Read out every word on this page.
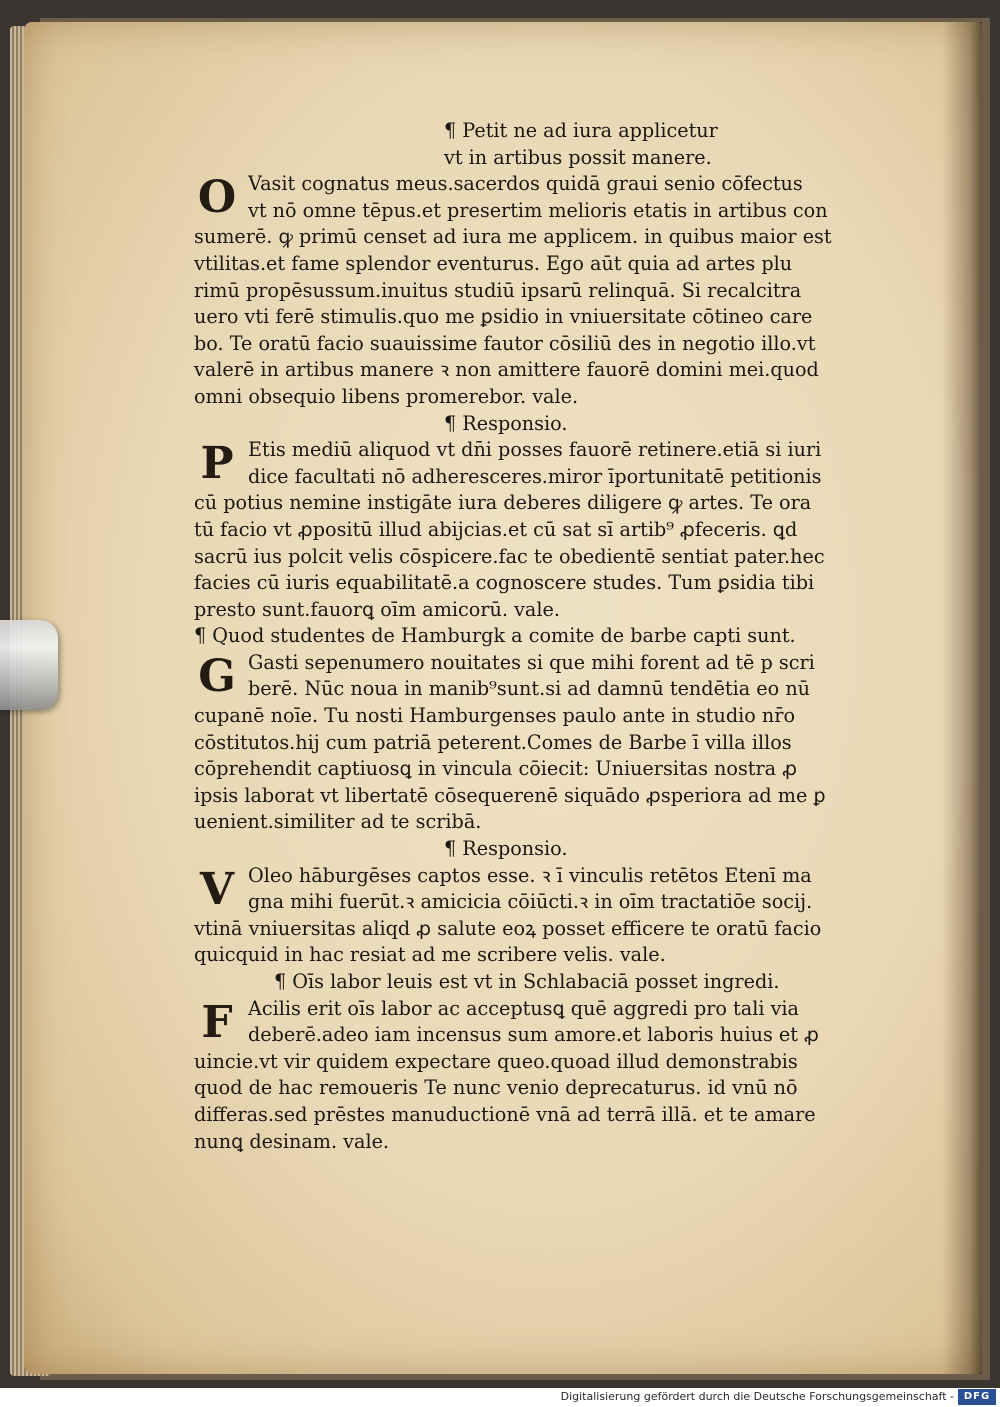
¶ Petit ne ad iura applicetur
vt in artibus possit manere.
O Vasit cognatus meus.sacerdos quidā graui senio cōfectus
vt nō omne tēpus.et presertim melioris etatis in artibus con
sumerē. ꝙ primū censet ad iura me applicem. in quibus maior est
vtilitas.et fame splendor eventurus. Ego aūt quia ad artes plu
rimū propēsussum.inuitus studiū ipsarū relinquā. Si recalcitra
uero vti ferē stimulis.quo me ꝑsidio in vniuersitate cōtineo care
bo. Te oratū facio suauissime fautor cōsiliū des in negotio illo.vt
valerē in artibus manere ꝛ non amittere fauorē domini mei.quod
omni obsequio libens promerebor. vale.
¶ Responsio.
P Etis mediū aliquod vt dn̄i posses fauorē retinere.etiā si iuri
dice facultati nō adheresceres.miror īportunitatē petitionis
cū potius nemine instigāte iura deberes diligere ꝙ artes. Te ora
tū facio vt ꝓpositū illud abijcias.et cū sat sī artib⁹ ꝓfeceris. ꝗd
sacrū ius polcit velis cōspicere.fac te obedientē sentiat pater.hec
facies cū iuris equabilitatē.a cognoscere studes. Tum ꝑsidia tibi
presto sunt.fauorꝗ oīm amicorū. vale.
¶ Quod studentes de Hamburgk a comite de barbe capti sunt.
G Gasti sepenumero nouitates si que mihi forent ad tē p scri
berē. Nūc noua in manib⁹sunt.si ad damnū tendētia eo nū
cupanē noīe. Tu nosti Hamburgenses paulo ante in studio nr̄o
cōstitutos.hij cum patriā peterent.Comes de Barbe ī villa illos
cōprehendit captiuosꝗ in vincula cōiecit: Uniuersitas nostra ꝓ
ipsis laborat vt libertatē cōsequerenē siquādo ꝓsperiora ad me ꝑ
uenient.similiter ad te scribā.
¶ Responsio.
V Oleo hāburgēses captos esse. ꝛ ī vinculis retētos Etenī ma
gna mihi fuerūt.ꝛ amicicia cōiūcti.ꝛ in oīm tractatiōe socij.
vtinā vniuersitas aliqd ꝓ salute eoꝝ posset efficere te oratū facio
quicquid in hac resiat ad me scribere velis. vale.
¶ Oīs labor leuis est vt in Schlabaciā posset ingredi.
F Acilis erit oīs labor ac acceptusꝗ quē aggredi pro tali via
deberē.adeo iam incensus sum amore.et laboris huius et ꝓ
uincie.vt vir quidem expectare queo.quoad illud demonstrabis
quod de hac remoueris Te nunc venio deprecaturus. id vnū nō
differas.sed prēstes manuductionē vnā ad terrā illā. et te amare
nunꝗ desinam. vale.
Digitalisierung gefördert durch die Deutsche Forschungsgemeinschaft - DFG
